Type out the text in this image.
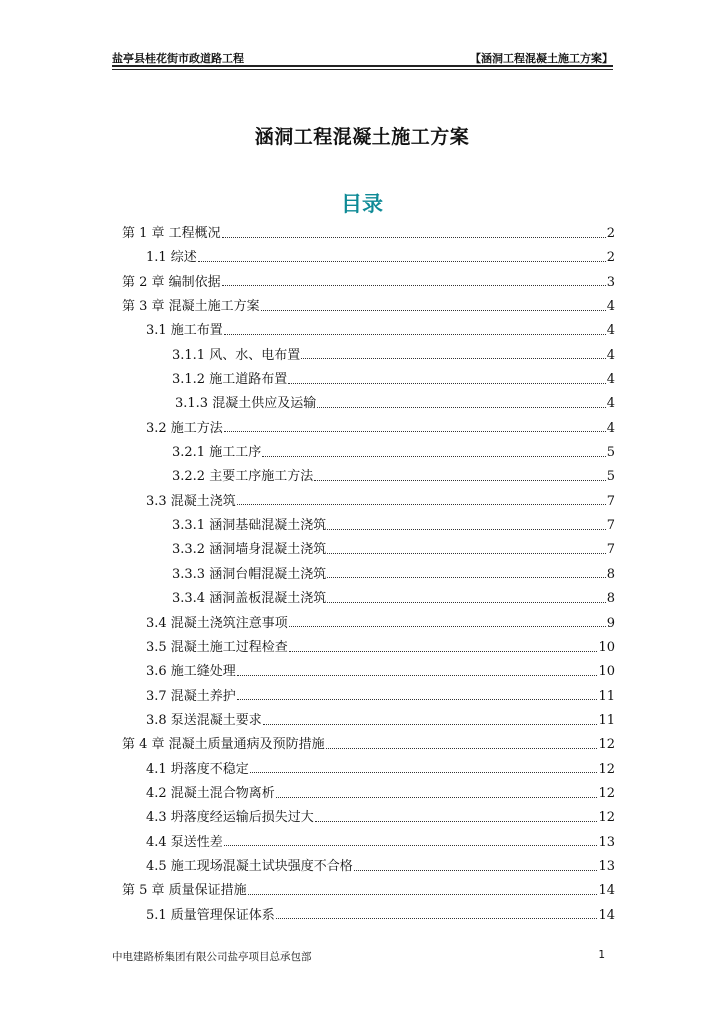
盐亭县桂花街市政道路工程	【涵洞工程混凝土施工方案】
涵洞工程混凝土施工方案
目录
第 1 章 工程概况	2
1.1 综述	2
第 2 章 编制依据	3
第 3 章 混凝土施工方案	4
3.1 施工布置	4
3.1.1 风、水、电布置	4
3.1.2 施工道路布置	4
3.1.3 混凝土供应及运输	4
3.2 施工方法	4
3.2.1 施工工序	5
3.2.2 主要工序施工方法	5
3.3 混凝土浇筑	7
3.3.1 涵洞基础混凝土浇筑	7
3.3.2 涵洞墙身混凝土浇筑	7
3.3.3 涵洞台帽混凝土浇筑	8
3.3.4 涵洞盖板混凝土浇筑	8
3.4 混凝土浇筑注意事项	9
3.5 混凝土施工过程检查	10
3.6 施工缝处理	10
3.7 混凝土养护	11
3.8 泵送混凝土要求	11
第 4 章 混凝土质量通病及预防措施	12
4.1 坍落度不稳定	12
4.2 混凝土混合物离析	12
4.3 坍落度经运输后损失过大	12
4.4 泵送性差	13
4.5 施工现场混凝土试块强度不合格	13
第 5 章 质量保证措施	14
5.1 质量管理保证体系	14
中电建路桥集团有限公司盐亭项目总承包部	1
